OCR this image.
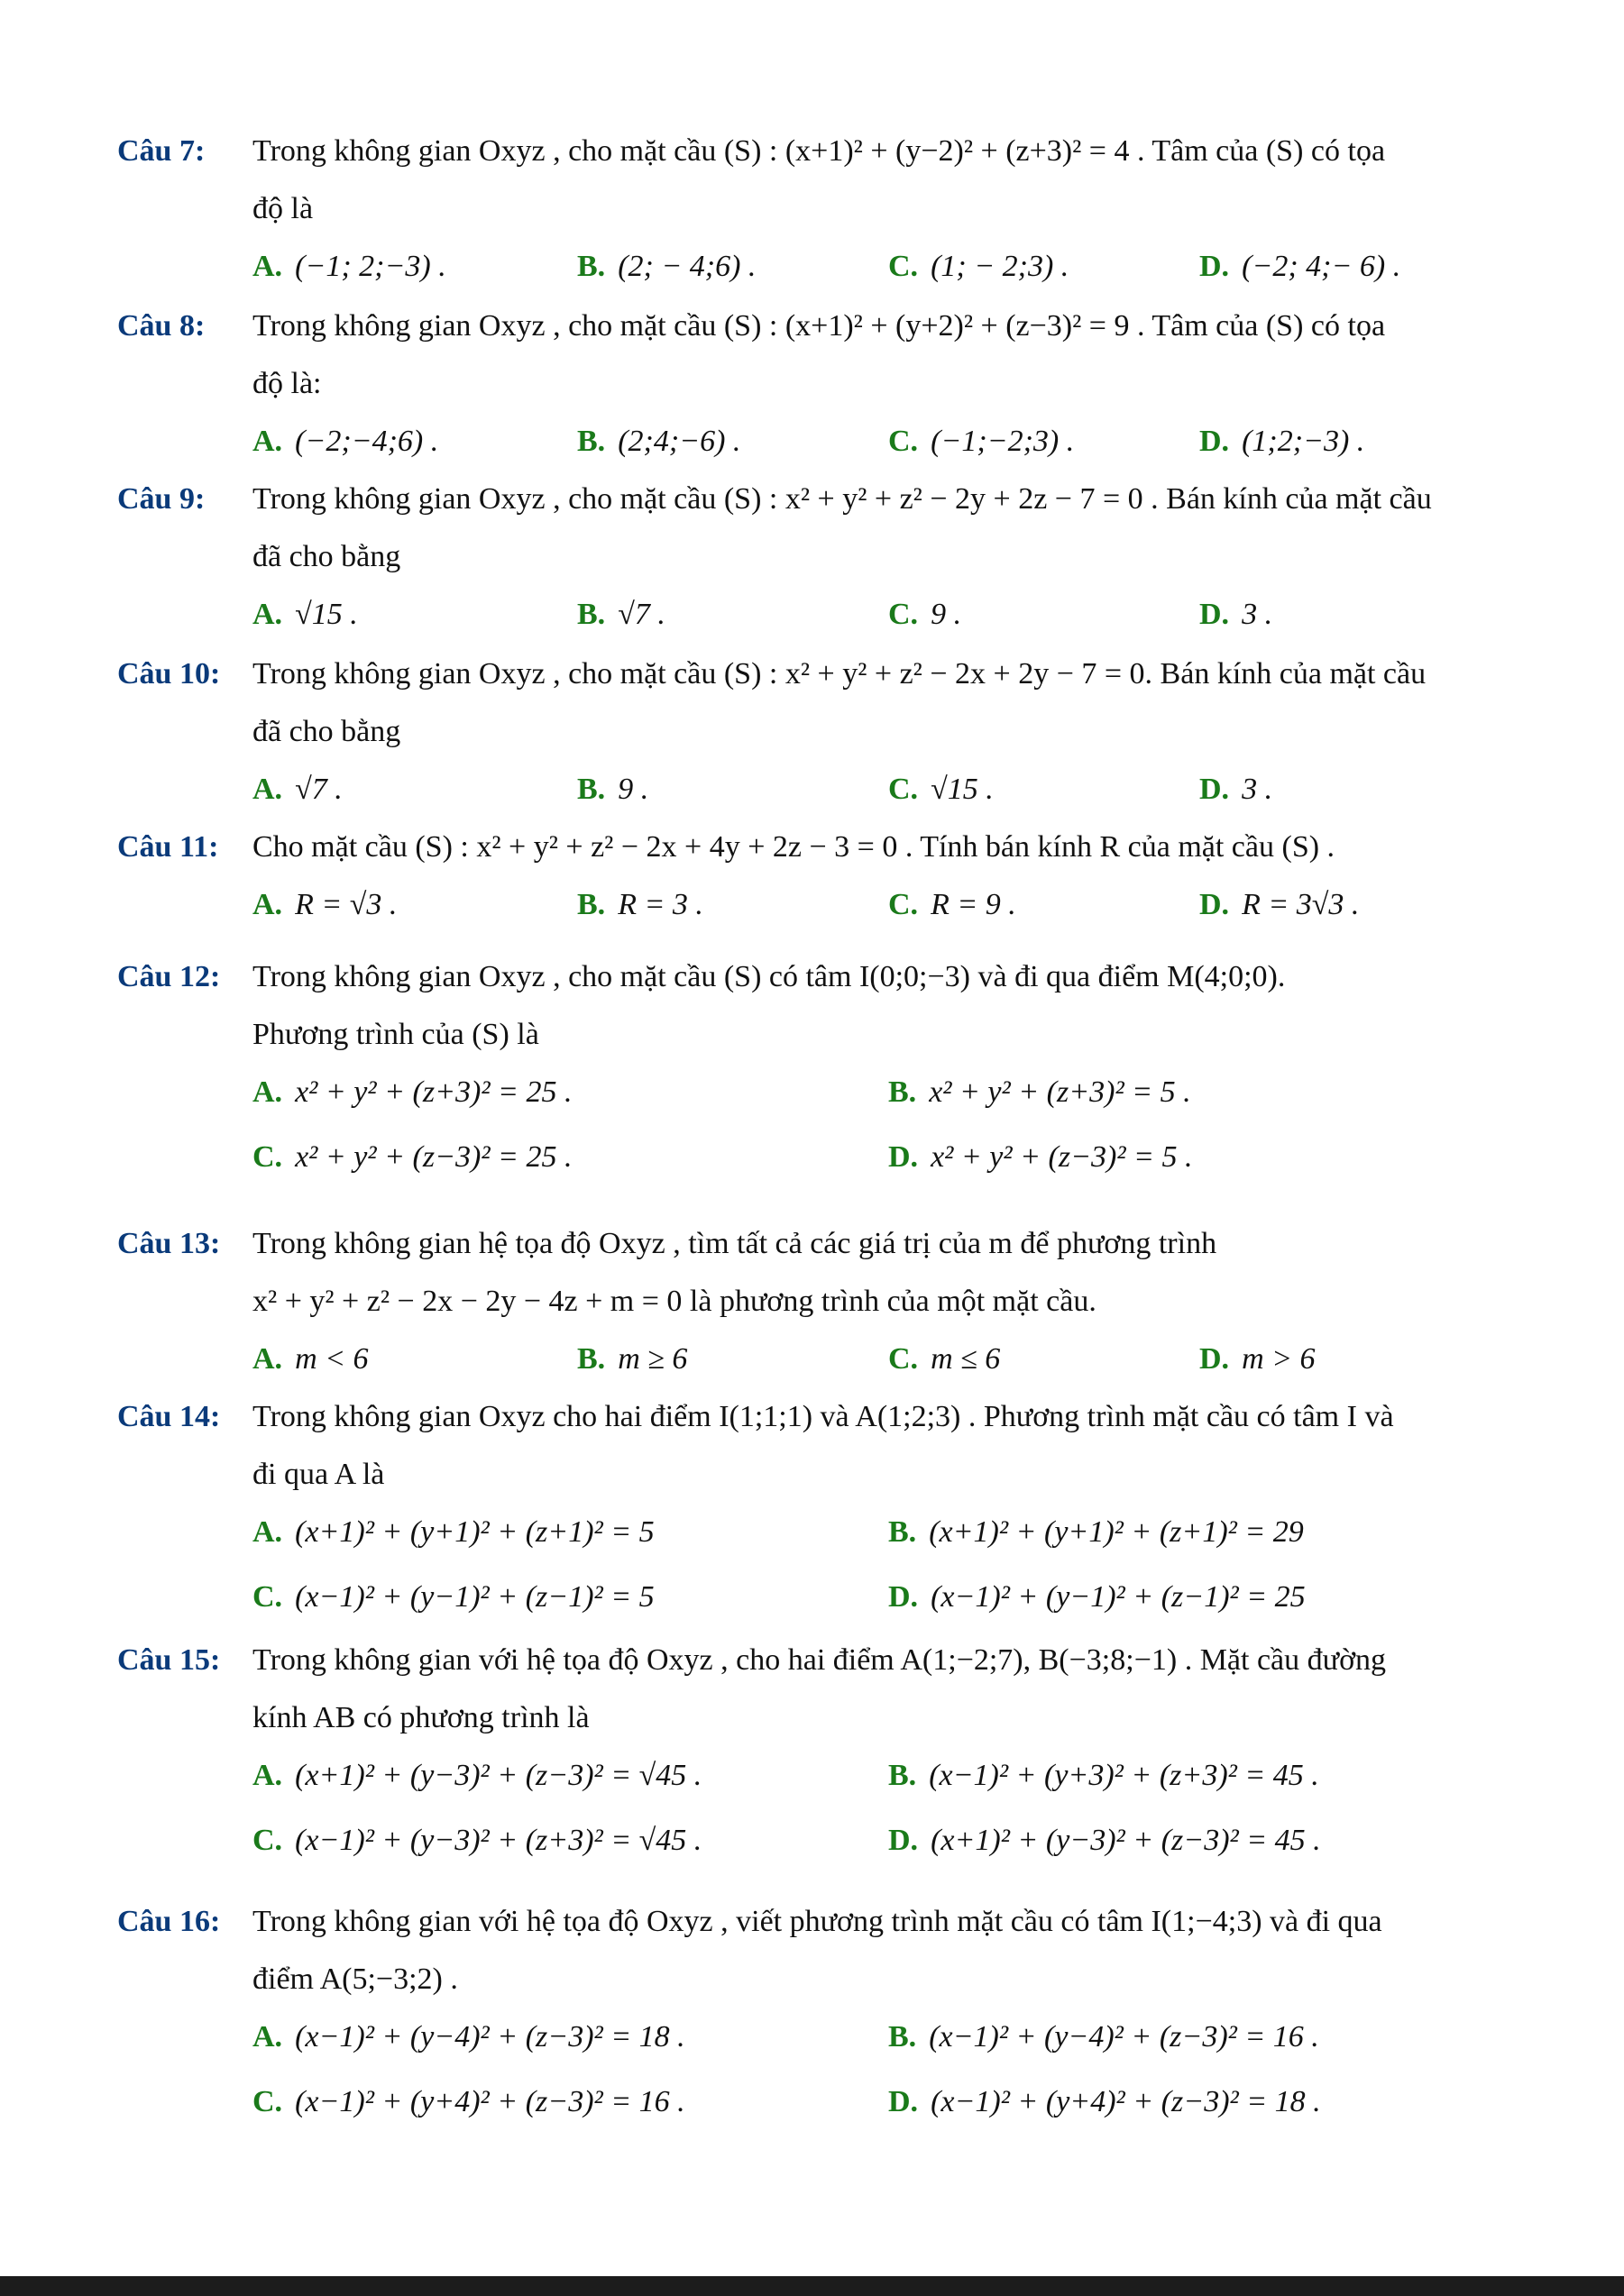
Câu 7: Trong không gian Oxyz , cho mặt cầu (S) : (x+1)² + (y−2)² + (z+3)² = 4 . Tâm của (S) có tọa
độ là
A. (−1; 2;−3) .	B. (2; − 4;6) .	C. (1; − 2;3) .	D. (−2; 4;− 6) .
Câu 8: Trong không gian Oxyz , cho mặt cầu (S) : (x+1)² + (y+2)² + (z−3)² = 9 . Tâm của (S) có tọa
độ là:
A. (−2;−4;6) .	B. (2;4;−6) .	C. (−1;−2;3) .	D. (1;2;−3) .
Câu 9: Trong không gian Oxyz , cho mặt cầu (S) : x² + y² + z² − 2y + 2z − 7 = 0 . Bán kính của mặt cầu
đã cho bằng
A. √15 .	B. √7 .	C. 9 .	D. 3 .
Câu 10: Trong không gian Oxyz , cho mặt cầu (S) : x² + y² + z² − 2x + 2y − 7 = 0. Bán kính của mặt cầu
đã cho bằng
A. √7 .	B. 9 .	C. √15 .	D. 3 .
Câu 11: Cho mặt cầu (S) : x² + y² + z² − 2x + 4y + 2z − 3 = 0 . Tính bán kính R của mặt cầu (S) .
A. R = √3 .	B. R = 3 .	C. R = 9 .	D. R = 3√3 .
Câu 12: Trong không gian Oxyz , cho mặt cầu (S) có tâm I(0;0;−3) và đi qua điểm M(4;0;0).
Phương trình của (S) là
A. x² + y² + (z+3)² = 25 .	B. x² + y² + (z+3)² = 5 .
C. x² + y² + (z−3)² = 25 .	D. x² + y² + (z−3)² = 5 .
Câu 13: Trong không gian hệ tọa độ Oxyz , tìm tất cả các giá trị của m để phương trình
x² + y² + z² − 2x − 2y − 4z + m = 0 là phương trình của một mặt cầu.
A. m < 6	B. m ≥ 6	C. m ≤ 6	D. m > 6
Câu 14: Trong không gian Oxyz cho hai điểm I(1;1;1) và A(1;2;3) . Phương trình mặt cầu có tâm I và
đi qua A là
A. (x+1)² + (y+1)² + (z+1)² = 5	B. (x+1)² + (y+1)² + (z+1)² = 29
C. (x−1)² + (y−1)² + (z−1)² = 5	D. (x−1)² + (y−1)² + (z−1)² = 25
Câu 15: Trong không gian với hệ tọa độ Oxyz , cho hai điểm A(1;−2;7), B(−3;8;−1) . Mặt cầu đường
kính AB có phương trình là
A. (x+1)² + (y−3)² + (z−3)² = √45 .	B. (x−1)² + (y+3)² + (z+3)² = 45 .
C. (x−1)² + (y−3)² + (z+3)² = √45 .	D. (x+1)² + (y−3)² + (z−3)² = 45 .
Câu 16: Trong không gian với hệ tọa độ Oxyz , viết phương trình mặt cầu có tâm I(1;−4;3) và đi qua
điểm A(5;−3;2) .
A. (x−1)² + (y−4)² + (z−3)² = 18 .	B. (x−1)² + (y−4)² + (z−3)² = 16 .
C. (x−1)² + (y+4)² + (z−3)² = 16 .	D. (x−1)² + (y+4)² + (z−3)² = 18 .
